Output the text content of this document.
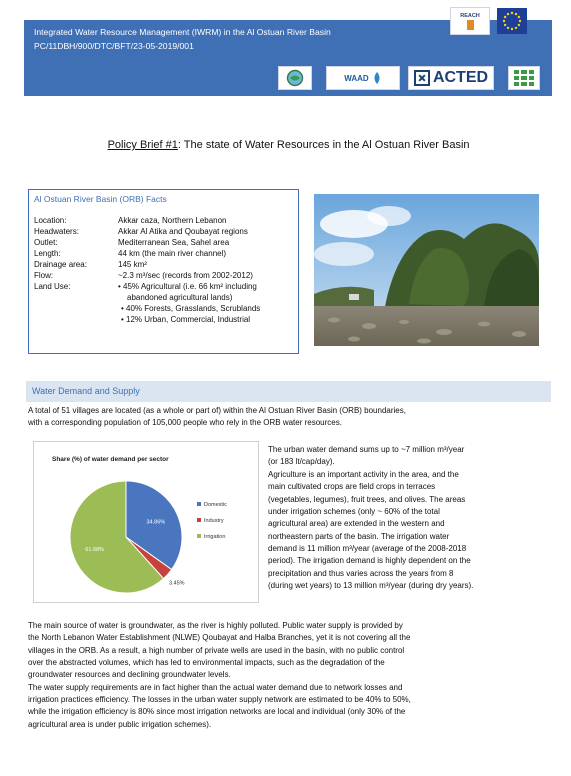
Integrated Water Resource Management (IWRM) in the Al Ostuan River Basin
PC/11DBH/900/DTC/BFT/23-05-2019/001
REACH
WAAD	ACTED

Policy Brief #1: The state of Water Resources in the Al Ostuan River Basin

Al Ostuan River Basin (ORB) Facts
Location:	Akkar caza, Northern Lebanon
Headwaters:	Akkar Al Atika and Qoubayat regions
Outlet:	Mediterranean Sea, Sahel area
Length:	44 km (the main river channel)
Drainage area:	145 km²
Flow:	~2.3 m³/sec (records from 2002-2012)
Land Use:	• 45% Agricultural (i.e. 66 km² including
abandoned agricultural lands)
• 40% Forests, Grasslands, Scrublands
• 12% Urban, Commercial, Industrial
Water Demand and Supply
A total of 51 villages are located (as a whole or part of) within the Al Ostuan River Basin (ORB) boundaries,
with a corresponding population of 105,000 people who rely in the ORB water resources.
Share (%) of water demand per sector
34.86%
3.45%
61.68%
Domestic
Industry
Irrigation
The urban water demand sums up to ~7 million m³/year
(or 183 lt/cap/day).
Agriculture is an important activity in the area, and the
main cultivated crops are field crops in terraces
(vegetables, legumes), fruit trees, and olives. The areas
under irrigation schemes (only ~ 60% of the total
agricultural area) are extended in the western and
northeastern parts of the basin. The irrigation water
demand is 11 million m³/year (average of the 2008-2018
period). The irrigation demand is highly dependent on the
precipitation and thus varies across the years from 8
(during wet years) to 13 million m³/year (during dry years).
The main source of water is groundwater, as the river is highly polluted. Public water supply is provided by
the North Lebanon Water Establishment (NLWE) Qoubayat and Halba Branches, yet it is not covering all the
villages in the ORB. As a result, a high number of private wells are used in the basin, with no public control
over the abstracted volumes, which has led to environmental impacts, such as the degradation of the
groundwater resources and declining groundwater levels.
The water supply requirements are in fact higher than the actual water demand due to network losses and
irrigation practices efficiency. The losses in the urban water supply network are estimated to be 40% to 50%,
while the irrigation efficiency is 80% since most irrigation networks are local and individual (only 30% of the
agricultural area is under public irrigation schemes).
